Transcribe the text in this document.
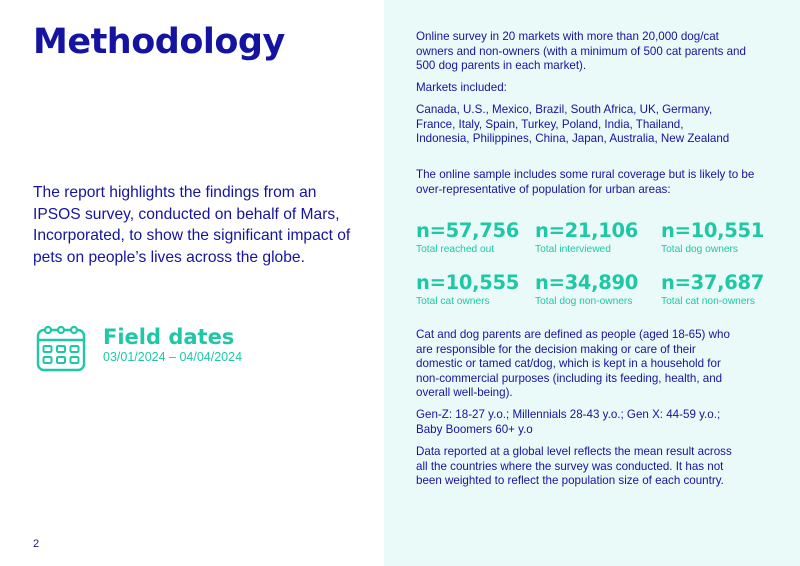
Methodology

The report highlights the findings from an IPSOS survey, conducted on behalf of Mars, Incorporated, to show the significant impact of pets on people’s lives across the globe.

Field dates

03/01/2024 – 04/04/2024

2

Online survey in 20 markets with more than 20,000 dog/cat owners and non-owners (with a minimum of 500 cat parents and 500 dog parents in each market).

Markets included:

Canada, U.S., Mexico, Brazil, South Africa, UK, Germany, France, Italy, Spain, Turkey, Poland, India, Thailand, Indonesia, Philippines, China, Japan, Australia, New Zealand

The online sample includes some rural coverage but is likely to be over-representative of population for urban areas:

n=57,756
Total reached out
n=21,106
Total interviewed
n=10,551
Total dog owners
n=10,555
Total cat owners
n=34,890
Total dog non-owners
n=37,687
Total cat non-owners

Cat and dog parents are defined as people (aged 18-65) who are responsible for the decision making or care of their domestic or tamed cat/dog, which is kept in a household for non-commercial purposes (including its feeding, health, and overall well-being).

Gen-Z: 18-27 y.o.; Millennials 28-43 y.o.; Gen X: 44-59 y.o.; Baby Boomers 60+ y.o

Data reported at a global level reflects the mean result across all the countries where the survey was conducted. It has not been weighted to reflect the population size of each country.
